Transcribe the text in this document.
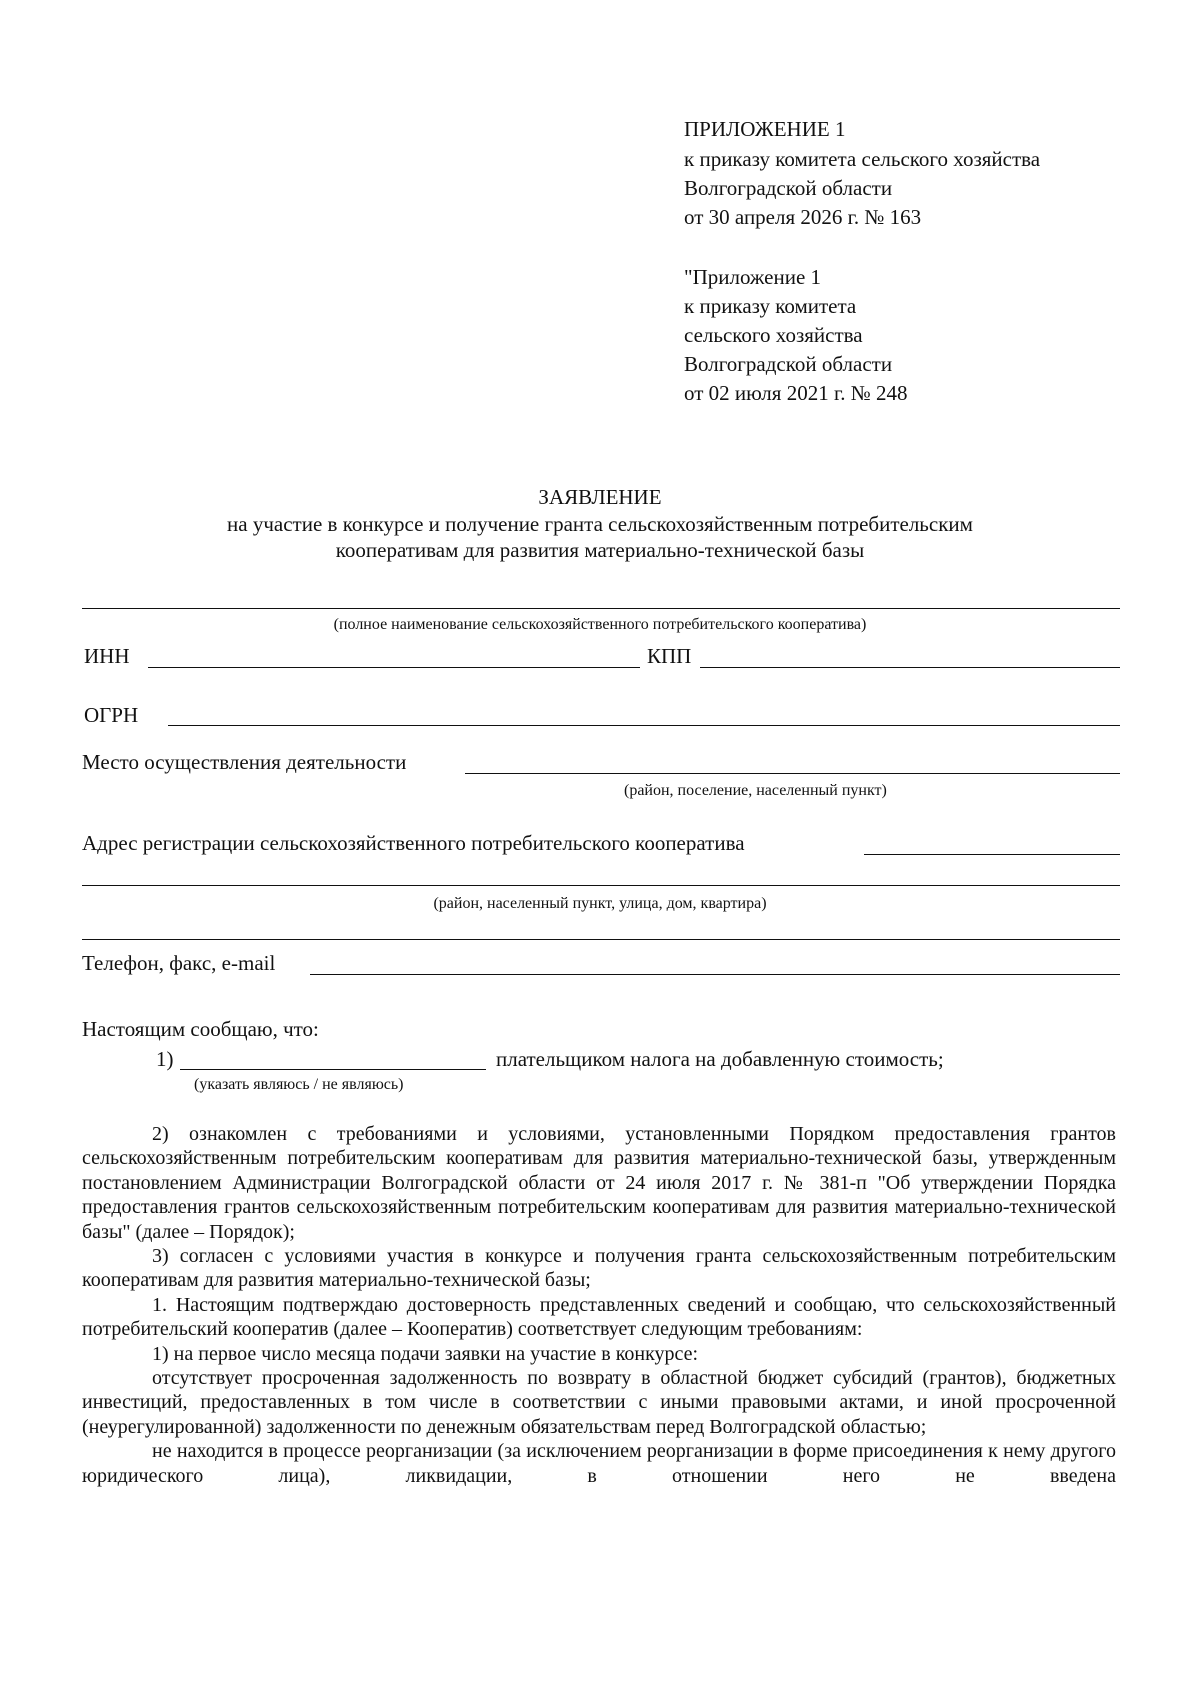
ПРИЛОЖЕНИЕ 1
к приказу комитета сельского хозяйства
Волгоградской области
от 30 апреля 2026 г. № 163
"Приложение 1
к приказу комитета
сельского хозяйства
Волгоградской области
от 02 июля 2021 г. № 248
ЗАЯВЛЕНИЕ
на участие в конкурсе и получение гранта сельскохозяйственным потребительским
кооперативам для развития материально-технической базы
(полное наименование сельскохозяйственного потребительского кооператива)
ИНН	КПП
ОГРН
Место осуществления деятельности
(район, поселение, населенный пункт)
Адрес регистрации сельскохозяйственного потребительского кооператива
(район, населенный пункт, улица, дом, квартира)
Телефон, факс, e-mail
Настоящим сообщаю, что:
1)	плательщиком налога на добавленную стоимость;
(указать являюсь / не являюсь)

2) ознакомлен с требованиями и условиями, установленными Порядком предоставления грантов сельскохозяйственным потребительским кооперативам для развития материально-технической базы, утвержденным постановлением Администрации Волгоградской области от 24 июля 2017 г. № 381-п "Об утверждении Порядка предоставления грантов сельскохозяйственным потребительским кооперативам для развития материально-технической базы" (далее – Порядок);

3) согласен с условиями участия в конкурсе и получения гранта сельскохозяйственным потребительским кооперативам для развития материально-технической базы;

1. Настоящим подтверждаю достоверность представленных сведений и сообщаю, что сельскохозяйственный потребительский кооператив (далее – Кооператив) соответствует следующим требованиям:

1) на первое число месяца подачи заявки на участие в конкурсе:

отсутствует просроченная задолженность по возврату в областной бюджет субсидий (грантов), бюджетных инвестиций, предоставленных в том числе в соответствии с иными правовыми актами, и иной просроченной (неурегулированной) задолженности по денежным обязательствам перед Волгоградской областью;

не находится в процессе реорганизации (за исключением реорганизации в форме присоединения к нему другого юридического лица), ликвидации, в отношении него не введена
